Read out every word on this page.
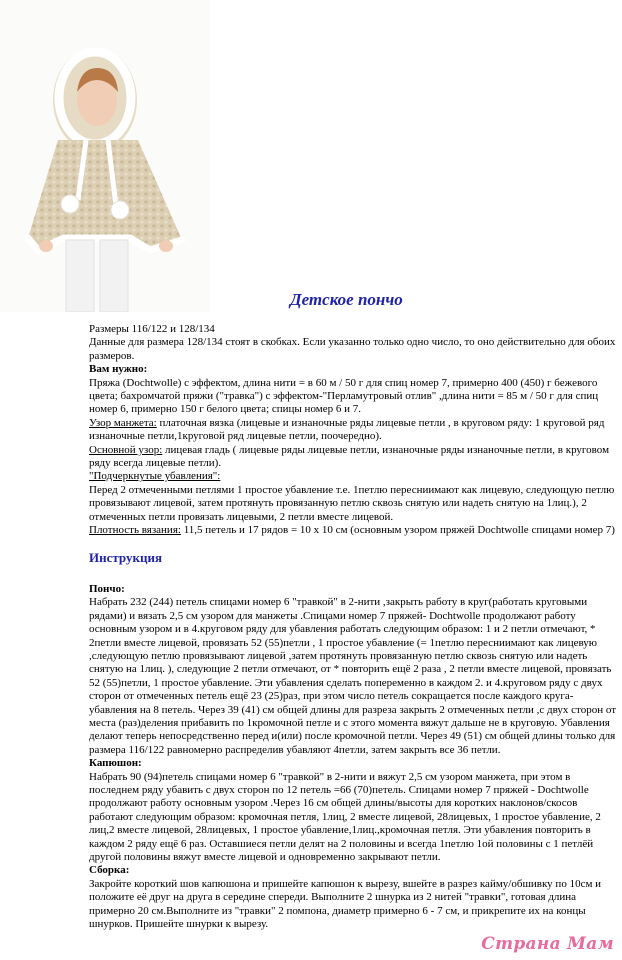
Детское пончо

Размеры 116/122 и 128/134

Данные для размера 128/134 стоят в скобках. Если указанно только одно число, то оно действительно для обоих размеров.

Вам нужно:

Пряжа (Dochtwolle) с эффектом, длина нити = в 60 м / 50 г для спиц номер 7, примерно 400 (450) г бежевого цвета; бахромчатой пряжи ("травка") с эффектом-"Перламутровый отлив" ,длина нити = 85 м / 50 г для спиц номер 6, примерно 150 г белого цвета; спицы номер 6 и 7.

Узор манжета: платочная вязка (лицевые и изнаночные ряды лицевые петли , в круговом ряду: 1 круговой ряд изнаночные петли,1круговой ряд лицевые петли, поочередно).

Основной узор: лицевая гладь ( лицевые ряды лицевые петли, изнаночные ряды изнаночные петли, в круговом ряду всегда лицевые петли).

"Подчеркнутые убавления":

Перед 2 отмеченными петлями 1 простое убавление т.е. 1петлю пересниимают как лицевую, следующую петлю провязывают лицевой, затем протянуть провязанную петлю сквозь снятую или надеть снятую на 1лиц.), 2 отмеченных петли провязать лицевыми, 2 петли вместе лицевой.

Плотность вязания: 11,5 петель и 17 рядов = 10 х 10 см (основным узором пряжей Dochtwolle спицами номер 7)

Инструкция

Пончо:

Набрать 232 (244) петель спицами номер 6 "травкой" в 2-нити ,закрыть работу в круг(работать круговыми рядами) и вязать 2,5 см узором для манжеты .Спицами номер 7 пряжей- Dochtwolle продолжают работу основным узором и в 4.круговом ряду для убавления работать следующим образом: 1 и 2 петли отмечают, * 2петли вместе лицевой, провязать 52 (55)петли , 1 простое убавление (= 1петлю пересниимают как лицевую ,следующую петлю провязывают лицевой ,затем протянуть провязанную петлю сквозь снятую или надеть снятую на 1лиц. ), следующие 2 петли отмечают, от * повторить ещё 2 раза , 2 петли вместе лицевой, провязать 52 (55)петли, 1 простое убавление. Эти убавления сделать попеременно в каждом 2. и 4.круговом ряду с двух сторон от отмеченных петель ещё 23 (25)раз, при этом число петель сокращается после каждого круга-убавления на 8 петель. Через 39 (41) см общей длины для разреза закрыть 2 отмеченных петли ,с двух сторон от места (раз)деления прибавить по 1кромочной петле и с этого момента вяжут дальше не в круговую. Убавления делают теперь непосредственно перед и(или) после кромочной петли. Через 49 (51) см общей длины только для размера 116/122 равномерно распределив убавляют 4петли, затем закрыть все 36 петли.

Капюшон:

Набрать 90 (94)петель спицами номер 6 "травкой" в 2-нити и вяжут 2,5 см узором манжета, при этом в последнем ряду убавить с двух сторон по 12 петель =66 (70)петель. Спицами номер 7 пряжей - Dochtwolle продолжают работу основным узором .Через 16 см общей длины/высоты для коротких наклонов/скосов работают следующим образом: кромочная петля, 1лиц, 2 вместе лицевой, 28лицевых, 1 простое убавление, 2 лиц,2 вместе лицевой, 28лицевых, 1 простое убавление,1лиц.,кромочная петля. Эти убавления повторить в каждом 2 ряду ещё 6 раз. Оставшиеся петли делят на 2 половины и всегда 1петлю 1ой половины с 1 петлёй другой половины вяжут вместе лицевой и одновременно закрывают петли.

Сборка:

Закройте короткий шов капюшона и пришейте капюшон к вырезу, вшейте в разрез кайму/обшивку по 10см и положите её друг на друга в середине спереди. Выполните 2 шнурка из 2 нитей "травки", готовая длина примерно 20 см.Выполните из "травки" 2 помпона, диаметр примерно 6 - 7 см, и прикрепите их на концы шнурков. Пришейте шнурки к вырезу.

Страна Мам
